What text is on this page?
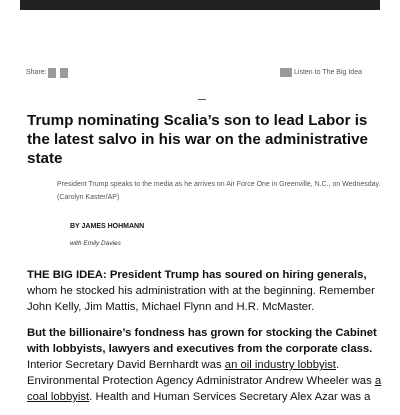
Share:	Listen to The Big Idea
Trump nominating Scalia’s son to lead Labor is the latest salvo in his war on the administrative state

President Trump speaks to the media as he arrives on Air Force One in Greenville, N.C., on Wednesday. (Carolyn Kaster/AP)

BY JAMES HOHMANN
with Emily Davies

THE BIG IDEA: President Trump has soured on hiring generals, whom he stocked his administration with at the beginning. Remember John Kelly, Jim Mattis, Michael Flynn and H.R. McMaster.

But the billionaire’s fondness has grown for stocking the Cabinet with lobbyists, lawyers and executives from the corporate class. Interior Secretary David Bernhardt was an oil industry lobbyist. Environmental Protection Agency Administrator Andrew Wheeler was a coal lobbyist. Health and Human Services Secretary Alex Azar was a
